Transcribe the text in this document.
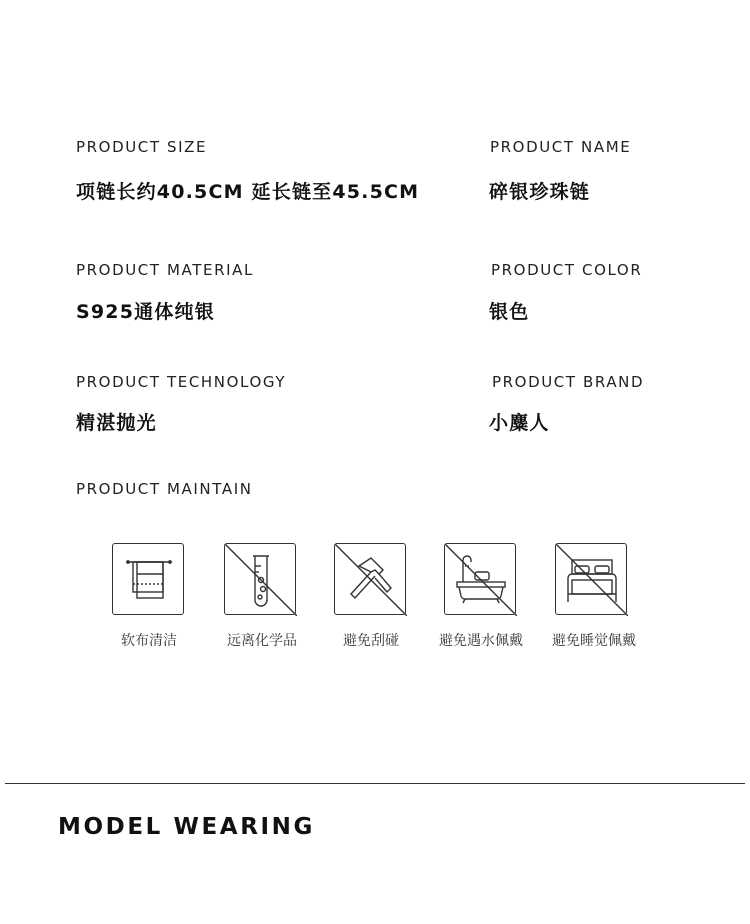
PRODUCT SIZE
项链长约40.5CM 延长链至45.5CM
PRODUCT NAME
碎银珍珠链
PRODUCT MATERIAL
S925通体纯银
PRODUCT COLOR
银色
PRODUCT TECHNOLOGY
精湛抛光
PRODUCT BRAND
小麋人
PRODUCT MAINTAIN
软布清洁	远离化学品	避免刮碰	避免遇水佩戴	避免睡觉佩戴
MODEL WEARING
